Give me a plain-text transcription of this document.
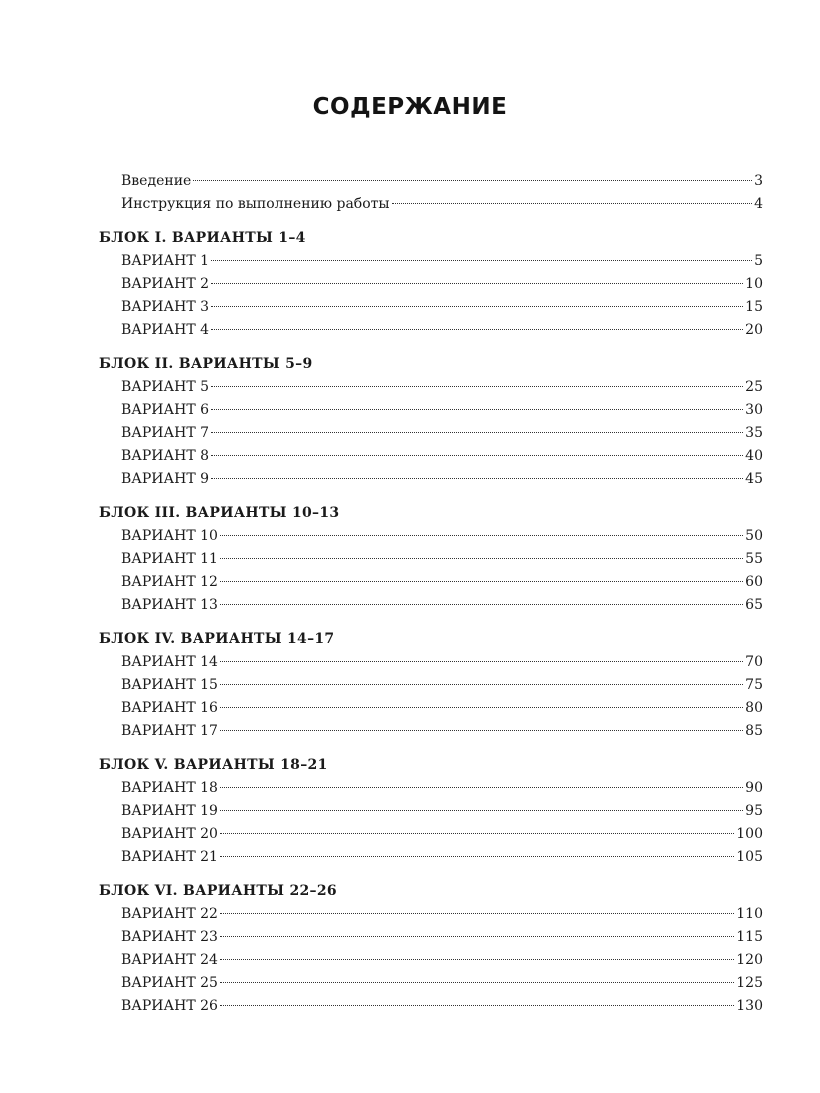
СОДЕРЖАНИЕ
Введение	3
Инструкция по выполнению работы	4
БЛОК I. ВАРИАНТЫ 1–4
ВАРИАНТ 1	5
ВАРИАНТ 2	10
ВАРИАНТ 3	15
ВАРИАНТ 4	20
БЛОК II. ВАРИАНТЫ 5–9
ВАРИАНТ 5	25
ВАРИАНТ 6	30
ВАРИАНТ 7	35
ВАРИАНТ 8	40
ВАРИАНТ 9	45
БЛОК III. ВАРИАНТЫ 10–13
ВАРИАНТ 10	50
ВАРИАНТ 11	55
ВАРИАНТ 12	60
ВАРИАНТ 13	65
БЛОК IV. ВАРИАНТЫ 14–17
ВАРИАНТ 14	70
ВАРИАНТ 15	75
ВАРИАНТ 16	80
ВАРИАНТ 17	85
БЛОК V. ВАРИАНТЫ 18–21
ВАРИАНТ 18	90
ВАРИАНТ 19	95
ВАРИАНТ 20	100
ВАРИАНТ 21	105
БЛОК VI. ВАРИАНТЫ 22–26
ВАРИАНТ 22	110
ВАРИАНТ 23	115
ВАРИАНТ 24	120
ВАРИАНТ 25	125
ВАРИАНТ 26	130
